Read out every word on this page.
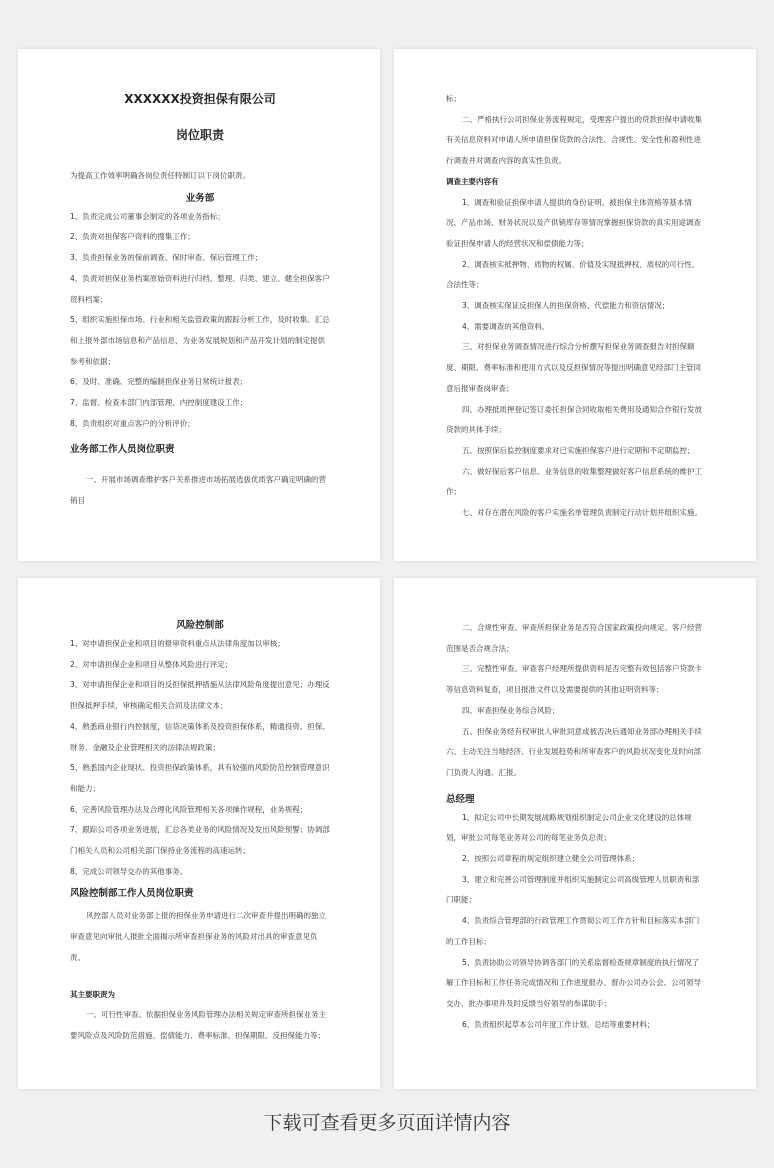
XXXXXX投资担保有限公司
岗位职责

为提高工作效率明确各岗位责任特制订以下岗位职责。

业务部

1、负责完成公司董事会制定的各项业务指标；

2、负责对担保客户资料的搜集工作；

3、负责担保业务的保前调查、保时审查、保后管理工作；

4、负责对担保业务档案原始资料进行归档、整理、归类、建立、健全担保客户资料档案；

5、组织实施担保市场、行业和相关监管政策的跟踪分析工作，及时收集、汇总和上报外部市场信息和产品信息，为业务发展规划和产品开发计划的制定提供参考和依据；

6、及时、准确、完整的编制担保业务日常统计报表；

7、监督、检查本部门内部管理、内控制度建设工作；

8、负责组织对重点客户的分析评价；

业务部工作人员岗位职责

一、开展市场调查维护客户关系推进市场拓展选拔优质客户确定明确的营销目

标；

二、严格执行公司担保业务流程规定，受理客户提出的贷款担保申请收集有关信息资料对申请人所申请担保贷款的合法性、合规性、安全性和盈利性进行调查并对调查内容的真实性负责。

调查主要内容有

1、调查和验证担保申请人提供的身份证明、被担保主体资格等基本情况、产品市场、财务状况以及产供销库存等情况掌握担保贷款的真实用途调查验证担保申请人的经营状况和偿债能力等；

2、调查核实抵押物、质物的权属、价值及实现抵押权、质权的可行性、合法性等；

3、调查核实保证反担保人的担保资格、代偿能力和资信情况；

4、需要调查的其他资料。

三、对担保业务调查情况进行综合分析撰写担保业务调查报告对担保额度、期限、费率标准和使用方式以及反担保情况等提出明确意见经部门主管同意后报审查岗审查；

四、办理抵质押登记签订委托担保合同收取相关费用及通知合作银行发放贷款的具体手续；

五、按照保后监控制度要求对已实施担保客户进行定期和不定期监控；

六、做好保后客户信息、业务信息的收集整理做好客户信息系统的维护工作；

七、对存在潜在风险的客户实施名单管理负责制定行动计划并组织实施。

风险控制部

1、对申请担保企业和项目的报审资料重点从法律角度加以审核；

2、对申请担保企业和项目从整体风险进行评定；

3、对申请担保企业和项目的反担保抵押措施从法律风险角度提出意见；办理反担保抵押手续，审核确定相关合同及法律文本；

4、熟悉商业银行内控制度，信贷决策体系及投资担保体系，精通投资、担保、财务、金融及企业管理相关的法律法规政策；

5、熟悉国内企业现状、投资担保政策体系，具有较强的风险防范控制管理意识和能力；

6、完善风险管理办法及合理化风险管理相关各项操作规程，业务规程；

7、跟踪公司各项业务进展，汇总各类业务的风险情况及发出风险预警；协调部门相关人员和公司相关部门保持业务流程的高速运转；

8、完成公司领导交办的其他事务。

风险控制部工作人员岗位职责

风控部人员对业务部上报的担保业务申请进行二次审查并提出明确的独立审查意见向审批人报批全面揭示所审查担保业务的风险对出具的审查意见负责。

其主要职责为

一、可行性审查。依据担保业务风险管理办法相关规定审查所担保业务主要风险点及风险防范措施、偿债能力、费率标准、担保期限、反担保能力等；

二、合规性审查。审查所担保业务是否符合国家政策投向规定、客户经营范围是否合规合法；

三、完整性审查。审查客户经理所提供资料是否完整有效包括客户贷款卡等信息资料复查，项目报准文件以及需要提供的其他证明资料等；

四、审查担保业务综合风险；

五、担保业务经有权审批人审批同意或被否决后通知业务部办理相关手续 六、主动关注当地经济、行业发展趋势和所审查客户的风险状况变化及时向部门负责人沟通、汇报。

总经理

1、拟定公司中长期发展战略规划组织制定公司企业文化建设的总体规划，审批公司每笔业务对公司的每笔业务负总责；

2、按照公司章程的规定组织建立健全公司管理体系；

3、建立和完善公司管理制度并组织实施制定公司高级管理人员职责和部门职能；

4、负责综合管理部的行政管理工作贯彻公司工作方针和目标落实本部门的工作目标；

5、负责协助公司领导协调各部门的关系监督检查规章制度的执行情况了解工作目标和工作任务完成情况和工作进度报办、督办公司办公会、公司领导交办、批办事项并及时反馈当好领导的参谋助手；

6、负责组织起草本公司年度工作计划、总结等重要材料；

下载可查看更多页面详情内容
